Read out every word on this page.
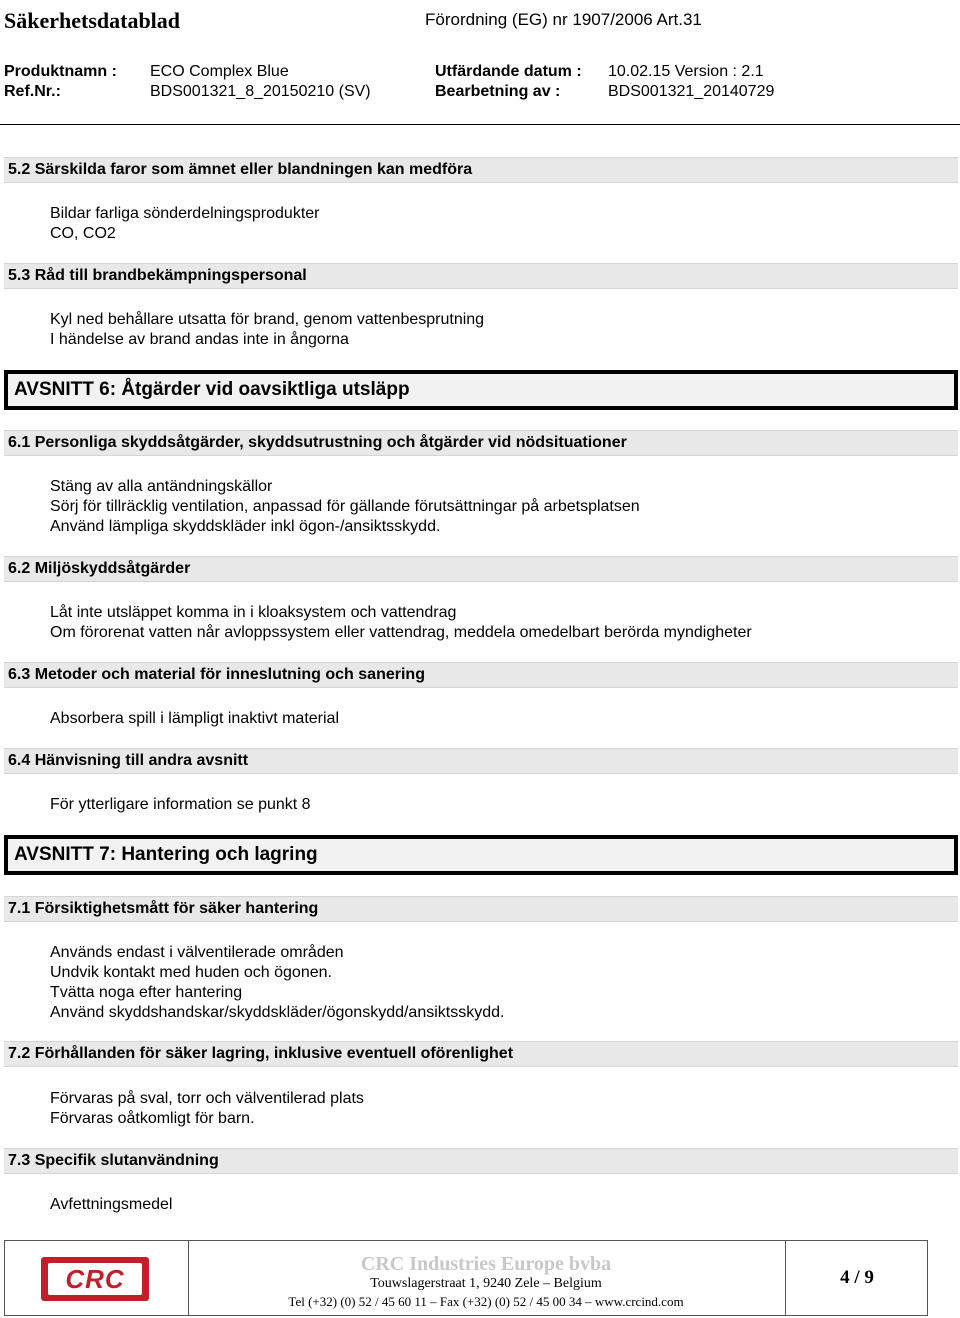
Säkerhetsdatablad	Förordning (EG) nr 1907/2006 Art.31
Produktnamn : ECO Complex Blue	Utfärdande datum : 10.02.15 Version : 2.1
Ref.Nr.:	BDS001321_8_20150210 (SV)	Bearbetning av :	BDS001321_20140729
5.2 Särskilda faror som ämnet eller blandningen kan medföra
Bildar farliga sönderdelningsprodukter
CO, CO2
5.3 Råd till brandbekämpningspersonal
Kyl ned behållare utsatta för brand, genom vattenbesprutning
I händelse av brand andas inte in ångorna
AVSNITT 6: Åtgärder vid oavsiktliga utsläpp
6.1 Personliga skyddsåtgärder, skyddsutrustning och åtgärder vid nödsituationer
Stäng av alla antändningskällor
Sörj för tillräcklig ventilation, anpassad för gällande förutsättningar på arbetsplatsen
Använd lämpliga skyddskläder inkl ögon-/ansiktsskydd.
6.2 Miljöskyddsåtgärder
Låt inte utsläppet komma in i kloaksystem och vattendrag
Om förorenat vatten når avloppssystem eller vattendrag, meddela omedelbart berörda myndigheter
6.3 Metoder och material för inneslutning och sanering
Absorbera spill i lämpligt inaktivt material
6.4 Hänvisning till andra avsnitt
För ytterligare information se punkt 8
AVSNITT 7: Hantering och lagring
7.1 Försiktighetsmått för säker hantering
Används endast i välventilerade områden
Undvik kontakt med huden och ögonen.
Tvätta noga efter hantering
Använd skyddshandskar/skyddskläder/ögonskydd/ansiktsskydd.
7.2 Förhållanden för säker lagring, inklusive eventuell oförenlighet
Förvaras på sval, torr och välventilerad plats
Förvaras oåtkomligt för barn.
7.3 Specifik slutanvändning
Avfettningsmedel
CRC	CRC Industries Europe bvba
Touwslagerstraat 1, 9240 Zele – Belgium
Tel (+32) (0) 52 / 45 60 11 – Fax (+32) (0) 52 / 45 00 34 – www.crcind.com
4 / 9
